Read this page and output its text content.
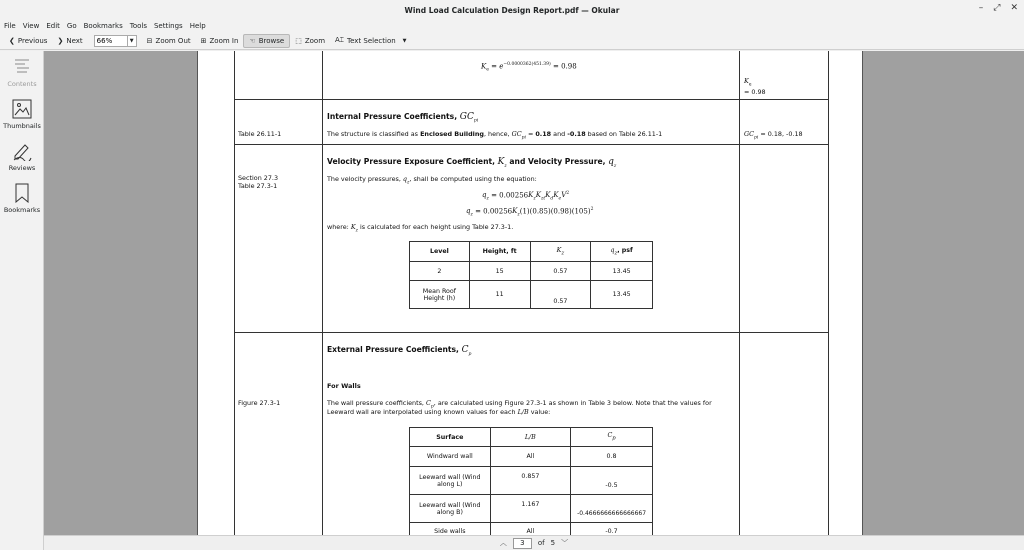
Wind Load Calculation Design Report.pdf — Okular	– ⤢ ✕
File View Edit Go Bookmarks Tools Settings Help
❮ Previous ❯ Next
66%	▼ ⊟ Zoom Out ⊞ Zoom In ☜ Browse ⬚ Zoom A⌶ Text Selection ▼
Contents
Thumbnails
Reviews
Bookmarks
$K_e = e^{-0.0000362(451.39)} = 0.98$
$K_e$
= 0.98
Internal Pressure Coefficients, $GC_{pi}$
Table 26.11-1	The structure is classified as Enclosed Building, hence, $GC_{pi} = 0.18$ and -0.18 based on Table 26.11-1	$GC_{pi} = 0.18$, -0.18
Section 27.3
Table 27.3-1
Velocity Pressure Exposure Coefficient, $K_z$ and Velocity Pressure, $q_z$
The velocity pressures, $q_z$, shall be computed using the equation:
$q_z = 0.00256K_zK_{zt}K_dK_eV^2$
$q_z = 0.00256K_z(1)(0.85)(0.98)(105)^2$
where: $K_z$ is calculated for each height using Table 27.3-1.
Level	Height, ft	$K_z$	$q_z$, psf
2	15	0.57	13.45
Mean Roof Height (h)	11	0.57	13.45
External Pressure Coefficients, $C_p$
For Walls
Figure 27.3-1	The wall pressure coefficients, $C_p$, are calculated using Figure 27.3-1 as shown in Table 3 below. Note that the values for
Leeward wall are interpolated using known values for each L/B value:
Surface	L/B	$C_p$
Windward wall	All	0.8
Leeward wall (Wind along L)	0.857	-0.5
Leeward wall (Wind along B)	1.167	-0.4666666666666667
Side walls	All	-0.7
︿	3	of 5 ﹀
